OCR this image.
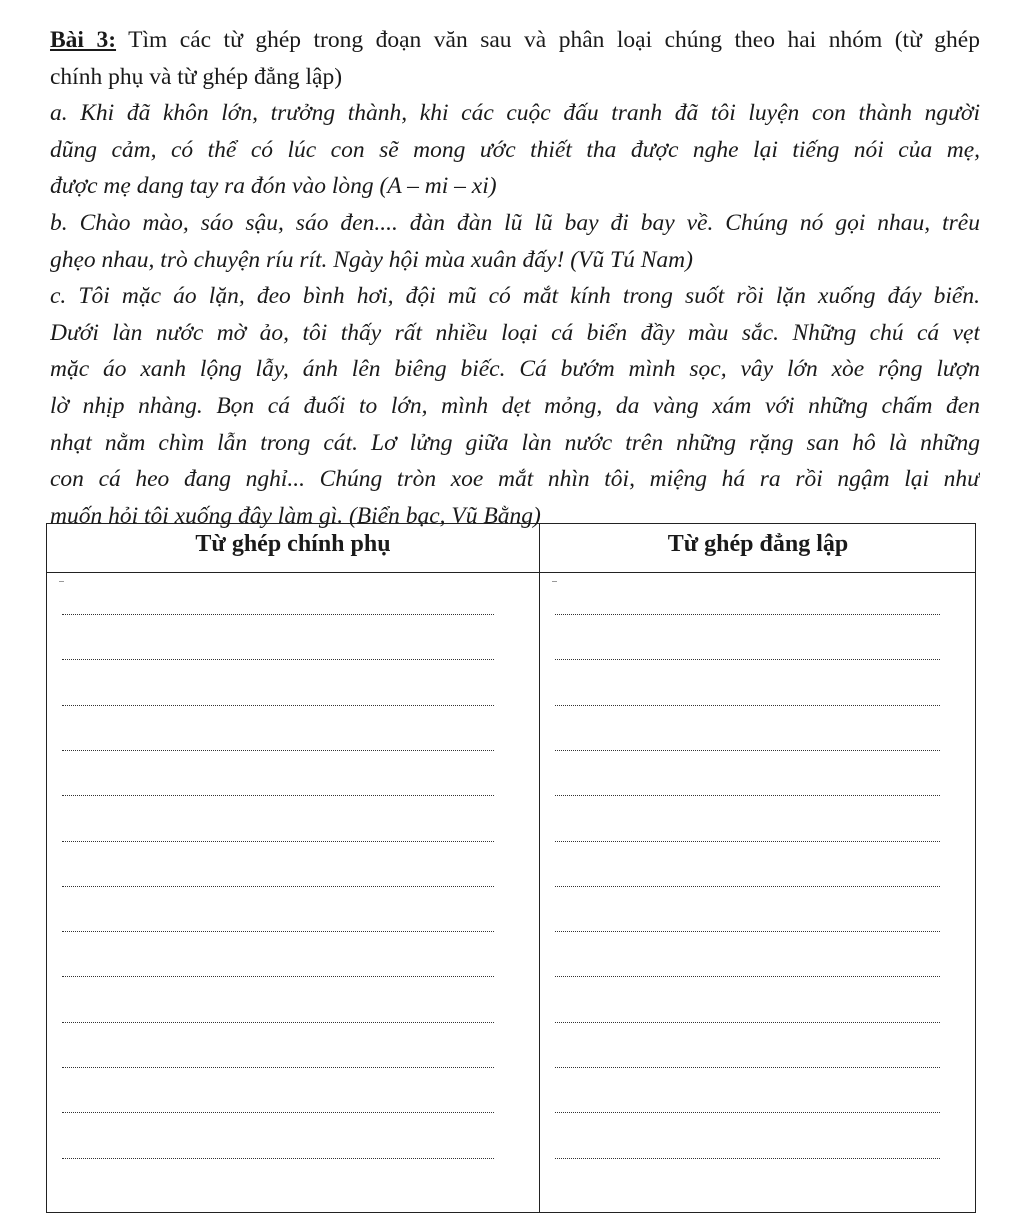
Bài 3: Tìm các từ ghép trong đoạn văn sau và phân loại chúng theo hai nhóm (từ ghép
chính phụ và từ ghép đẳng lập)
a. Khi đã khôn lớn, trưởng thành, khi các cuộc đấu tranh đã tôi luyện con thành người
dũng cảm, có thể có lúc con sẽ mong ước thiết tha được nghe lại tiếng nói của mẹ,
được mẹ dang tay ra đón vào lòng (A – mi – xi)
b. Chào mào, sáo sậu, sáo đen.... đàn đàn lũ lũ bay đi bay về. Chúng nó gọi nhau, trêu
ghẹo nhau, trò chuyện ríu rít. Ngày hội mùa xuân đấy! (Vũ Tú Nam)
c. Tôi mặc áo lặn, đeo bình hơi, đội mũ có mắt kính trong suốt rồi lặn xuống đáy biển.
Dưới làn nước mờ ảo, tôi thấy rất nhiều loại cá biển đầy màu sắc. Những chú cá vẹt
mặc áo xanh lộng lẫy, ánh lên biêng biếc. Cá bướm mình sọc, vây lớn xòe rộng lượn
lờ nhịp nhàng. Bọn cá đuối to lớn, mình dẹt mỏng, da vàng xám với những chấm đen
nhạt nằm chìm lẫn trong cát. Lơ lửng giữa làn nước trên những rặng san hô là những
con cá heo đang nghỉ... Chúng tròn xoe mắt nhìn tôi, miệng há ra rồi ngậm lại như
muốn hỏi tôi xuống đây làm gì. (Biển bạc, Vũ Bằng)
Từ ghép chính phụ	Từ ghép đẳng lập
